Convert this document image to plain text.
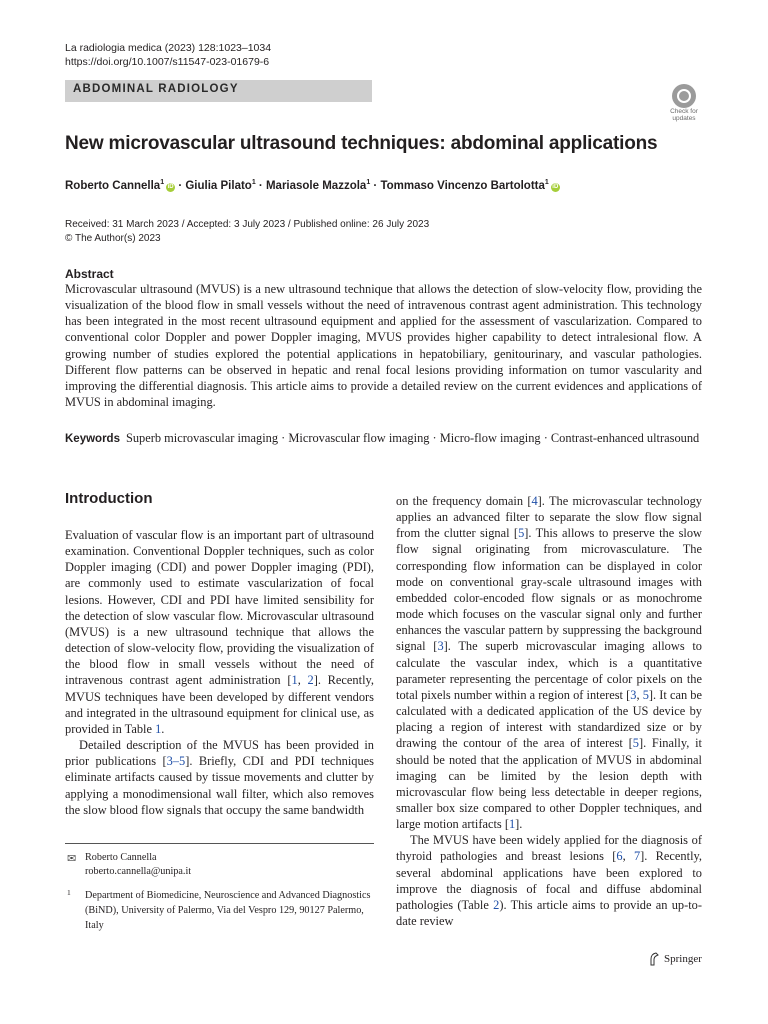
La radiologia medica (2023) 128:1023–1034
https://doi.org/10.1007/s11547-023-01679-6
ABDOMINAL RADIOLOGY
Check for updates
New microvascular ultrasound techniques: abdominal applications
Roberto Cannella$^1$iD · Giulia Pilato$^1$ · Mariasole Mazzola$^1$ · Tommaso Vincenzo Bartolotta$^1$iD
Received: 31 March 2023 / Accepted: 3 July 2023 / Published online: 26 July 2023
© The Author(s) 2023
Abstract
Microvascular ultrasound (MVUS) is a new ultrasound technique that allows the detection of slow-velocity flow, providing the visualization of the blood flow in small vessels without the need of intravenous contrast agent administration. This technology has been integrated in the most recent ultrasound equipment and applied for the assessment of vascularization. Compared to conventional color Doppler and power Doppler imaging, MVUS provides higher capability to detect intralesional flow. A growing number of studies explored the potential applications in hepatobiliary, genitourinary, and vascular pathologies. Different flow patterns can be observed in hepatic and renal focal lesions providing information on tumor vascularity and improving the differential diagnosis. This article aims to provide a detailed review on the current evidences and applications of MVUS in abdominal imaging.
Keywords Superb microvascular imaging · Microvascular flow imaging · Micro-flow imaging · Contrast-enhanced ultrasound
Introduction

Evaluation of vascular flow is an important part of ultrasound examination. Conventional Doppler techniques, such as color Doppler imaging (CDI) and power Doppler imaging (PDI), are commonly used to estimate vascularization of focal lesions. However, CDI and PDI have limited sensibility for the detection of slow vascular flow. Microvascular ultrasound (MVUS) is a new ultrasound technique that allows the detection of slow-velocity flow, providing the visualization of the blood flow in small vessels without the need of intravenous contrast agent administration [1, 2]. Recently, MVUS techniques have been developed by different vendors and integrated in the ultrasound equipment for clinical use, as provided in Table 1.

Detailed description of the MVUS has been provided in prior publications [3–5]. Briefly, CDI and PDI techniques eliminate artifacts caused by tissue movements and clutter by applying a monodimensional wall filter, which also removes the slow blood flow signals that occupy the same bandwidth

on the frequency domain [4]. The microvascular technology applies an advanced filter to separate the slow flow signal from the clutter signal [5]. This allows to preserve the slow flow signal originating from microvasculature. The corresponding flow information can be displayed in color mode on conventional gray-scale ultrasound images with embedded color-encoded flow signals or as monochrome mode which focuses on the vascular signal only and further enhances the vascular pattern by suppressing the background signal [3]. The superb microvascular imaging allows to calculate the vascular index, which is a quantitative parameter representing the percentage of color pixels on the total pixels number within a region of interest [3, 5]. It can be calculated with a dedicated application of the US device by placing a region of interest with standardized size or by drawing the contour of the area of interest [5]. Finally, it should be noted that the application of MVUS in abdominal imaging can be limited by the lesion depth with microvascular flow being less detectable in deeper regions, smaller box size compared to other Doppler techniques, and large motion artifacts [1].

The MVUS have been widely applied for the diagnosis of thyroid pathologies and breast lesions [6, 7]. Recently, several abdominal applications have been explored to improve the diagnosis of focal and diffuse abdominal pathologies (Table 2). This article aims to provide an up-to-date review

✉ Roberto Cannella
roberto.cannella@unipa.it
1 Department of Biomedicine, Neuroscience and Advanced Diagnostics (BiND), University of Palermo, Via del Vespro 129, 90127 Palermo, Italy
Springer
